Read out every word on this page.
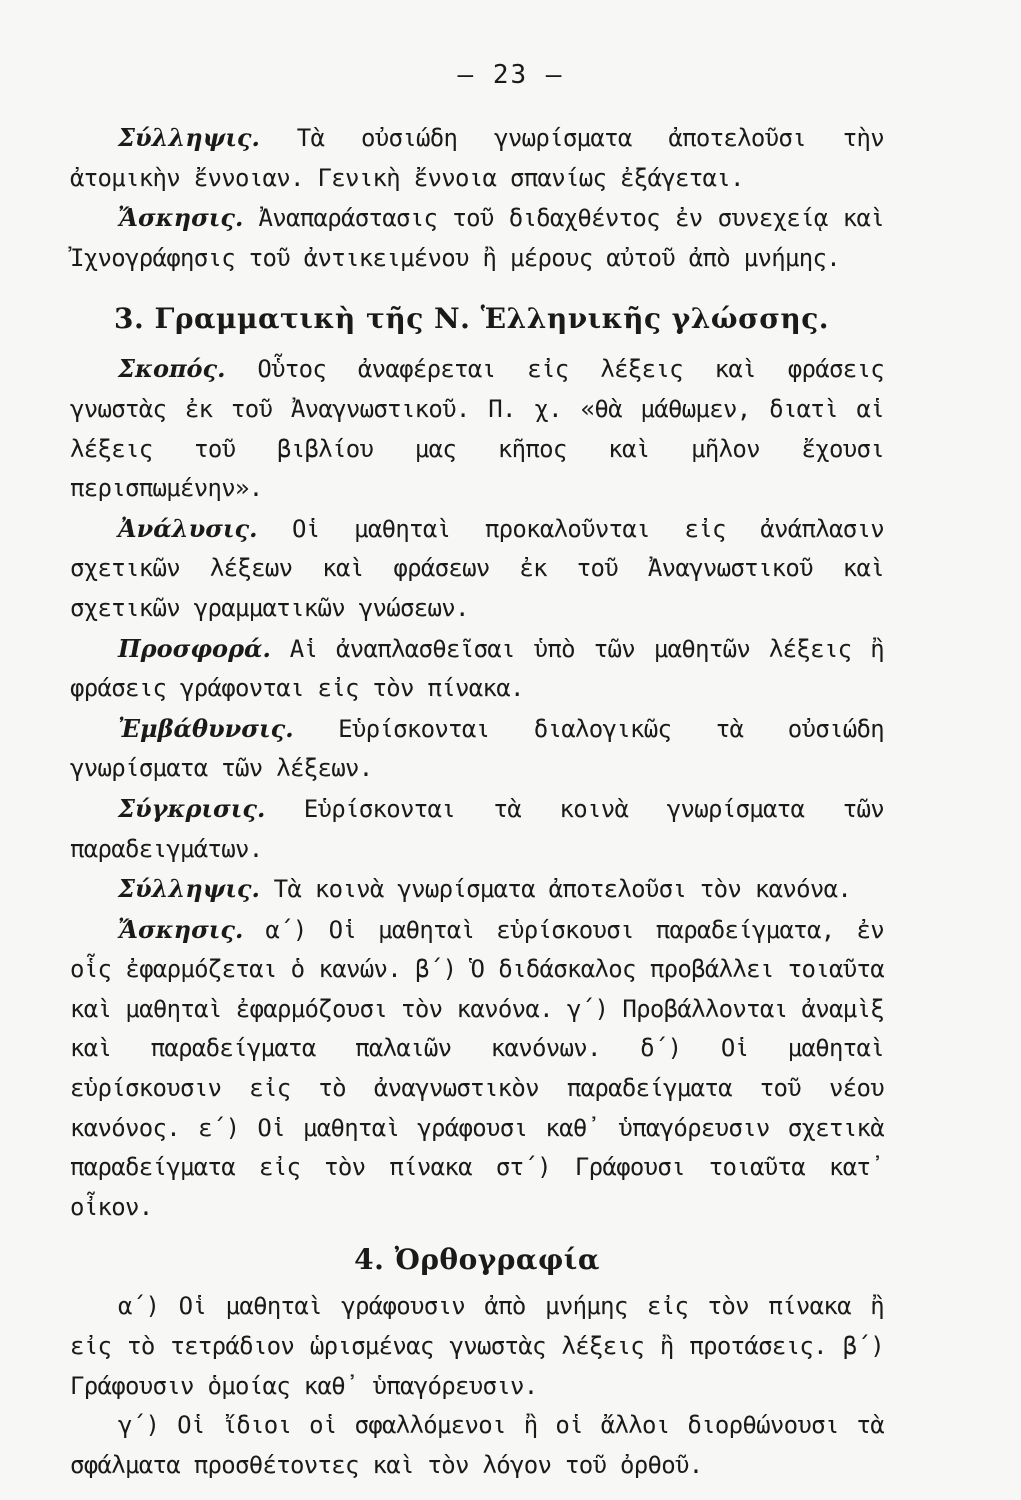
— 23 —

Σύλληψις. Τὰ οὐσιώδη γνωρίσματα ἀποτελοῦσι τὴν ἀτομικὴν ἔννοιαν. Γενικὴ ἔννοια σπανίως ἐξάγεται.

Ἄσκησις. Ἀναπαράστασις τοῦ διδαχθέντος ἐν συνεχείᾳ καὶ Ἰχνογράφησις τοῦ ἀντικειμένου ἢ μέρους αὐτοῦ ἀπὸ μνήμης.

3. Γραμματικὴ τῆς Ν. Ἑλληνικῆς γλώσσης.

Σκοπός. Οὗτος ἀναφέρεται εἰς λέξεις καὶ φράσεις γνωστὰς ἐκ τοῦ Ἀναγνωστικοῦ. Π. χ. «θὰ μάθωμεν, διατὶ αἱ λέξεις τοῦ βιβλίου μας κῆπος καὶ μῆλον ἔχουσι περισπωμένην».

Ἀνάλυσις. Οἱ μαθηταὶ προκαλοῦνται εἰς ἀνάπλασιν σχετικῶν λέξεων καὶ φράσεων ἐκ τοῦ Ἀναγνωστικοῦ καὶ σχετικῶν γραμματικῶν γνώσεων.

Προσφορά. Αἱ ἀναπλασθεῖσαι ὑπὸ τῶν μαθητῶν λέξεις ἢ φράσεις γράφονται εἰς τὸν πίνακα.

Ἐμβάθυνσις. Εὑρίσκονται διαλογικῶς τὰ οὐσιώδη γνωρίσματα τῶν λέξεων.

Σύγκρισις. Εὑρίσκονται τὰ κοινὰ γνωρίσματα τῶν παραδειγμάτων.

Σύλληψις. Τὰ κοινὰ γνωρίσματα ἀποτελοῦσι τὸν κανόνα.

Ἄσκησις. α΄) Οἱ μαθηταὶ εὑρίσκουσι παραδείγματα, ἐν οἷς ἐφαρμόζεται ὁ κανών. β΄) Ὁ διδάσκαλος προβάλλει τοιαῦτα καὶ μαθηταὶ ἐφαρμόζουσι τὸν κανόνα. γ΄) Προβάλλονται ἀναμὶξ καὶ παραδείγματα παλαιῶν κανόνων. δ΄) Οἱ μαθηταὶ εὑρίσκουσιν εἰς τὸ ἀναγνωστικὸν παραδείγματα τοῦ νέου κανόνος. ε΄) Οἱ μαθηταὶ γράφουσι καθ᾽ ὑπαγόρευσιν σχετικὰ παραδείγματα εἰς τὸν πίνακα στ΄) Γράφουσι τοιαῦτα κατ᾽ οἶκον.

4. Ὀρθογραφία

α΄) Οἱ μαθηταὶ γράφουσιν ἀπὸ μνήμης εἰς τὸν πίνακα ἢ εἰς τὸ τετράδιον ὡρισμένας γνωστὰς λέξεις ἢ προτάσεις. β΄) Γράφουσιν ὁμοίας καθ᾽ ὑπαγόρευσιν.

γ΄) Οἱ ἴδιοι οἱ σφαλλόμενοι ἢ οἱ ἄλλοι διορθώνουσι τὰ σφάλματα προσθέτοντες καὶ τὸν λόγον τοῦ ὀρθοῦ.
